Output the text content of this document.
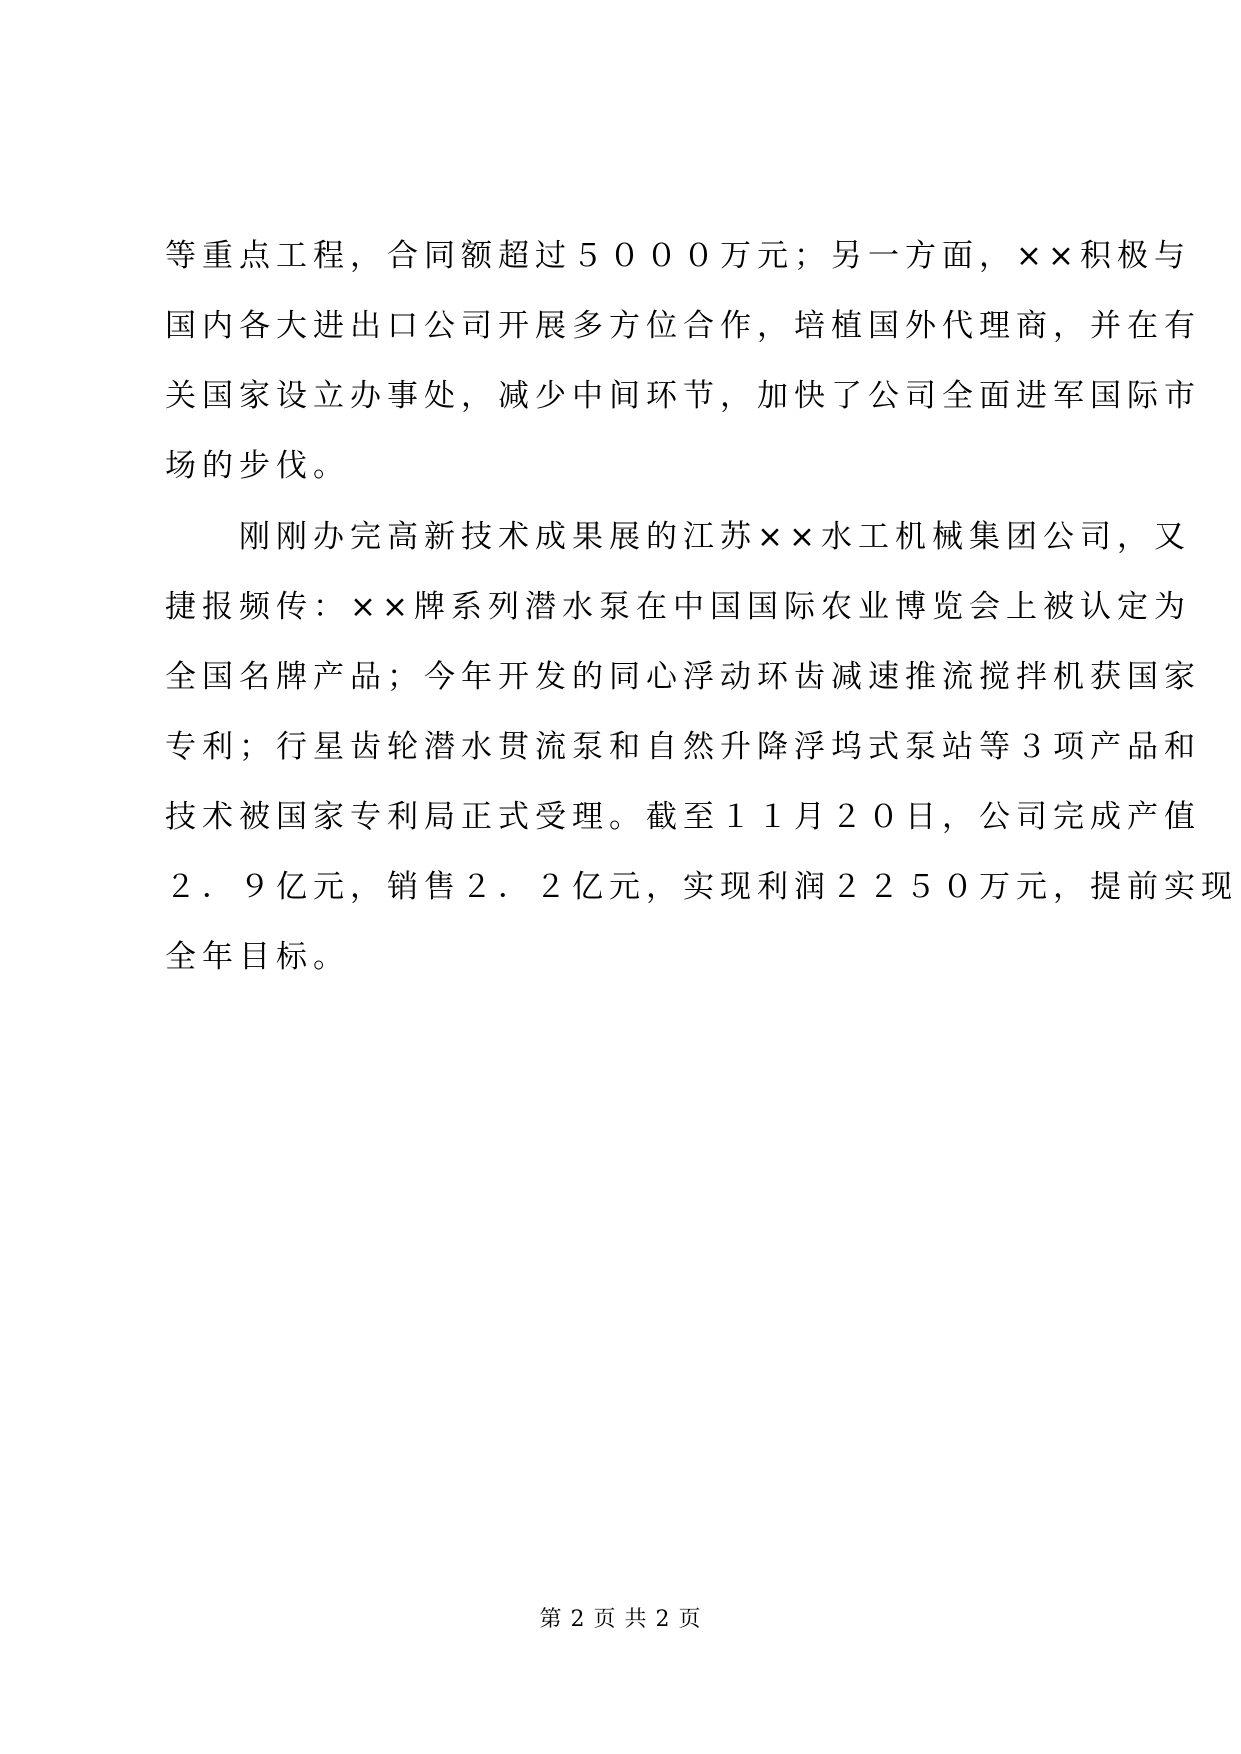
等重点工程，合同额超过５０００万元；另一方面，××积极与
国内各大进出口公司开展多方位合作，培植国外代理商，并在有
关国家设立办事处，减少中间环节，加快了公司全面进军国际市
场的步伐。
　　刚刚办完高新技术成果展的江苏××水工机械集团公司，又
捷报频传：××牌系列潜水泵在中国国际农业博览会上被认定为
全国名牌产品；今年开发的同心浮动环齿减速推流搅拌机获国家
专利；行星齿轮潜水贯流泵和自然升降浮坞式泵站等３项产品和
技术被国家专利局正式受理。截至１１月２０日，公司完成产值
２．９亿元，销售２．２亿元，实现利润２２５０万元，提前实现
全年目标。
第 2 页 共 2 页
